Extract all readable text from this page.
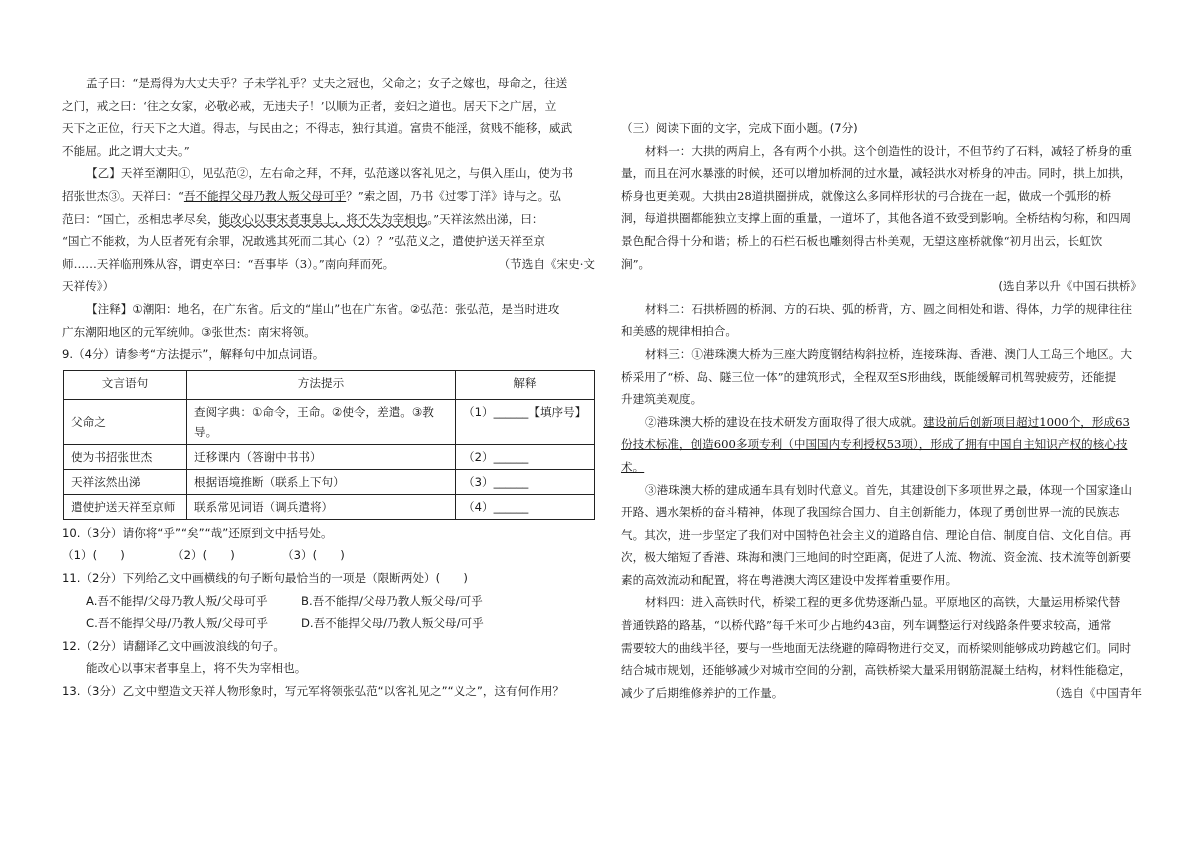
孟子曰：“是焉得为大丈夫乎？子未学礼乎？丈夫之冠也，父命之；女子之嫁也，母命之，往送

之门，戒之曰：‘往之女家，必敬必戒，无违夫子！’以顺为正者，妾妇之道也。居天下之广居，立

天下之正位，行天下之大道。得志，与民由之；不得志，独行其道。富贵不能淫，贫贱不能移，威武

不能屈。此之谓大丈夫。”

【乙】天祥至潮阳①，见弘范②，左右命之拜，不拜，弘范遂以客礼见之，与俱入厓山，使为书

招张世杰③。天祥曰：“吾不能捍父母乃教人叛父母可乎？”索之固，乃书《过零丁洋》诗与之。弘

范曰：“国亡，丞相忠孝尽矣，能改心以事宋者事皇上，将不失为宰相也。”天祥泫然出涕，曰：

“国亡不能救，为人臣者死有余罪，况敢逃其死而二其心（2）？”弘范义之，遣使护送天祥至京

师……天祥临刑殊从容，谓吏卒曰：“吾事毕（3）。”南向拜而死。	（节选自《宋史·文

天祥传》）

【注释】①潮阳：地名，在广东省。后文的“崖山”也在广东省。②弘范：张弘范，是当时进攻

广东潮阳地区的元军统帅。③张世杰：南宋将领。

9.（4分）请参考“方法提示”，解释句中加点词语。

文言语句	方法提示	解释
父命之	查阅字典：①命令，王命。②使令，差遣。③教导。	（1）______【填序号】
使为书招张世杰	迁移课内（答谢中书书）	（2）______
天祥泫然出涕	根据语境推断（联系上下句）	（3）______
遣使护送天祥至京师	联系常见词语（调兵遣将）	（4）______

10.（3分）请你将“乎”“矣”“哉”还原到文中括号处。

（1）(　　)	（2）(　　)	（3）(　　)

11.（2分）下列给乙文中画横线的句子断句最恰当的一项是（限断两处）(　　)

A.吾不能捍/父母乃教人叛/父母可乎	B.吾不能捍/父母乃教人叛父母/可乎

C.吾不能捍父母/乃教人叛/父母可乎	D.吾不能捍父母/乃教人叛父母/可乎

12.（2分）请翻译乙文中画波浪线的句子。

能改心以事宋者事皇上，将不失为宰相也。

13.（3分）乙文中塑造文天祥人物形象时，写元军将领张弘范“以客礼见之”“义之”，这有何作用？

（三）阅读下面的文字，完成下面小题。(7分)

材料一：大拱的两肩上，各有两个小拱。这个创造性的设计，不但节约了石料，减轻了桥身的重

量，而且在河水暴涨的时候，还可以增加桥洞的过水量，减轻洪水对桥身的冲击。同时，拱上加拱，

桥身也更美观。大拱由28道拱圈拼成，就像这么多同样形状的弓合拢在一起，做成一个弧形的桥

洞，每道拱圈都能独立支撑上面的重量，一道坏了，其他各道不致受到影响。全桥结构匀称，和四周

景色配合得十分和谐；桥上的石栏石板也雕刻得古朴美观，无望这座桥就像“初月出云，长虹饮

涧”。

(选自茅以升《中国石拱桥》

材料二：石拱桥圆的桥洞、方的石块、弧的桥背，方、圆之间相处和谐、得体，力学的规律往往

和美感的规律相拍合。

材料三：①港珠澳大桥为三座大跨度钢结构斜拉桥，连接珠海、香港、澳门人工岛三个地区。大

桥采用了“桥、岛、隧三位一体”的建筑形式，全程双至S形曲线，既能缓解司机驾驶疲劳，还能提

升建筑美观度。

②港珠澳大桥的建设在技术研发方面取得了很大成就。建设前后创新项目超过1000个，形成63

份技术标准，创造600多项专利（中国国内专利授权53项），形成了拥有中国自主知识产权的核心技

术。

③港珠澳大桥的建成通车具有划时代意义。首先，其建设创下多项世界之最，体现一个国家逢山

开路、遇水架桥的奋斗精神，体现了我国综合国力、自主创新能力，体现了勇创世界一流的民族志

气。其次，进一步坚定了我们对中国特色社会主义的道路自信、理论自信、制度自信、文化自信。再

次，极大缩短了香港、珠海和澳门三地间的时空距离，促进了人流、物流、资金流、技术流等创新要

素的高效流动和配置，将在粤港澳大湾区建设中发挥着重要作用。

材料四：进入高铁时代，桥梁工程的更多优势逐渐凸显。平原地区的高铁，大量运用桥梁代替

普通铁路的路基，“以桥代路”每千米可少占地约43亩，列车调整运行对线路条件要求较高，通常

需要较大的曲线半径，要与一些地面无法绕避的障碍物进行交叉，而桥梁则能够成功跨越它们。同时

结合城市规划，还能够减少对城市空间的分割，高铁桥梁大量采用钢筋混凝土结构，材料性能稳定，

减少了后期维修养护的工作量。	（选自《中国青年
